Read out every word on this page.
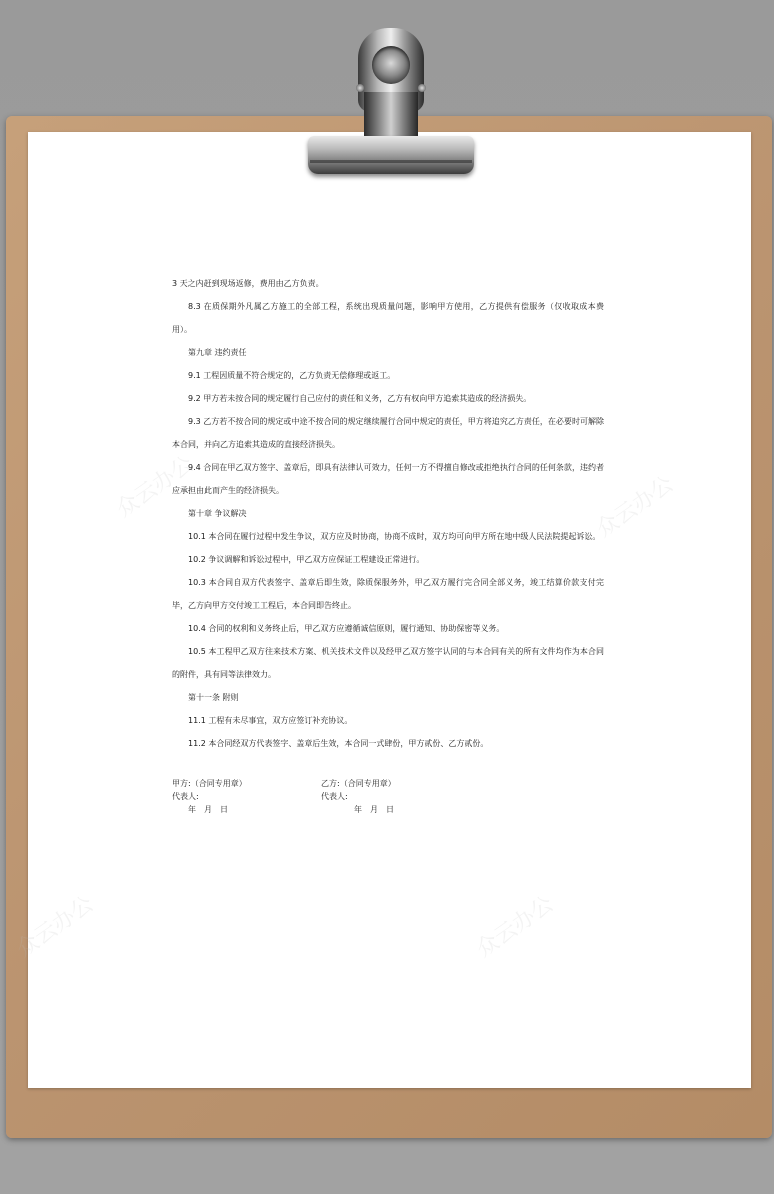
众云办公	众云办公
众云办公	众云办公

3 天之内赶到现场返修，费用由乙方负责。

8.3 在质保期外凡属乙方施工的全部工程，系统出现质量问题，影响甲方使用，乙方提供有偿服务（仅收取成本费用）。

第九章 违约责任

9.1 工程因质量不符合规定的，乙方负责无偿修理或返工。

9.2 甲方若未按合同的规定履行自己应付的责任和义务，乙方有权向甲方追索其造成的经济损失。

9.3 乙方若不按合同的规定或中途不按合同的规定继续履行合同中规定的责任，甲方将追究乙方责任，在必要时可解除本合同，并向乙方追索其造成的直接经济损失。

9.4 合同在甲乙双方签字、盖章后，即具有法律认可效力，任何一方不得擅自修改或拒绝执行合同的任何条款，违约者应承担由此而产生的经济损失。

第十章 争议解决

10.1 本合同在履行过程中发生争议，双方应及时协商，协商不成时，双方均可向甲方所在地中级人民法院提起诉讼。

10.2 争议调解和诉讼过程中，甲乙双方应保证工程建设正常进行。

10.3 本合同自双方代表签字、盖章后即生效，除质保服务外，甲乙双方履行完合同全部义务，竣工结算价款支付完毕，乙方向甲方交付竣工工程后，本合同即告终止。

10.4 合同的权利和义务终止后，甲乙双方应遵循诚信原则，履行通知、协助保密等义务。

10.5 本工程甲乙双方往来技术方案、机关技术文件以及经甲乙双方签字认同的与本合同有关的所有文件均作为本合同的附件，具有同等法律效力。

第十一条 附则

11.1 工程有未尽事宜，双方应签订补充协议。

11.2 本合同经双方代表签字、盖章后生效，本合同一式肆份，甲方贰份、乙方贰份。

甲方:（合同专用章）
代表人:
年　月　日
乙方:（合同专用章）
代表人:
年　月　日
